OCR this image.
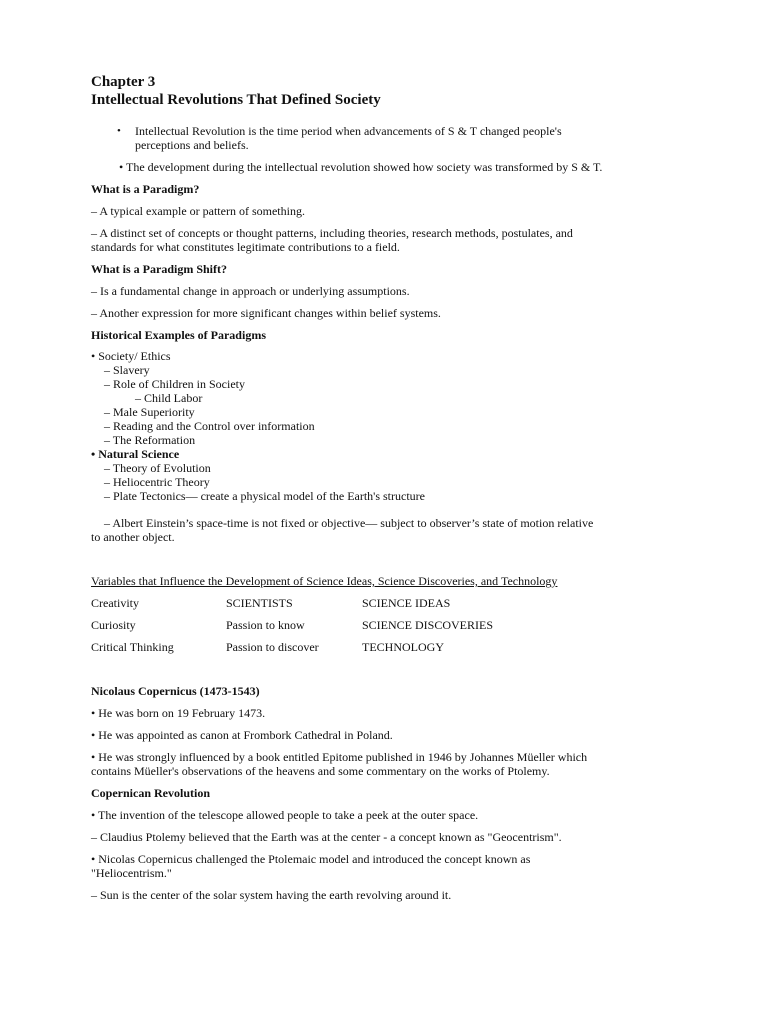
Chapter 3
Intellectual Revolutions That Defined Society
• Intellectual Revolution is the time period when advancements of S & T changed people's
perceptions and beliefs.
• The development during the intellectual revolution showed how society was transformed by S & T.
What is a Paradigm?
– A typical example or pattern of something.
– A distinct set of concepts or thought patterns, including theories, research methods, postulates, and
standards for what constitutes legitimate contributions to a field.
What is a Paradigm Shift?
– Is a fundamental change in approach or underlying assumptions.
– Another expression for more significant changes within belief systems.
Historical Examples of Paradigms
• Society/ Ethics
– Slavery
– Role of Children in Society
– Child Labor
– Male Superiority
– Reading and the Control over information
– The Reformation
• Natural Science
– Theory of Evolution
– Heliocentric Theory
– Plate Tectonics— create a physical model of the Earth's structure
– Albert Einstein’s space-time is not fixed or objective— subject to observer’s state of motion relative
to another object.
Variables that Influence the Development of Science Ideas, Science Discoveries, and Technology
Creativity	SCIENTISTS	SCIENCE IDEAS
Curiosity	Passion to know	SCIENCE DISCOVERIES
Critical Thinking	Passion to discover	TECHNOLOGY
Nicolaus Copernicus (1473-1543)
• He was born on 19 February 1473.
• He was appointed as canon at Frombork Cathedral in Poland.
• He was strongly influenced by a book entitled Epitome published in 1946 by Johannes Müeller which
contains Müeller's observations of the heavens and some commentary on the works of Ptolemy.
Copernican Revolution
• The invention of the telescope allowed people to take a peek at the outer space.
– Claudius Ptolemy believed that the Earth was at the center - a concept known as "Geocentrism".
• Nicolas Copernicus challenged the Ptolemaic model and introduced the concept known as
"Heliocentrism."
– Sun is the center of the solar system having the earth revolving around it.
